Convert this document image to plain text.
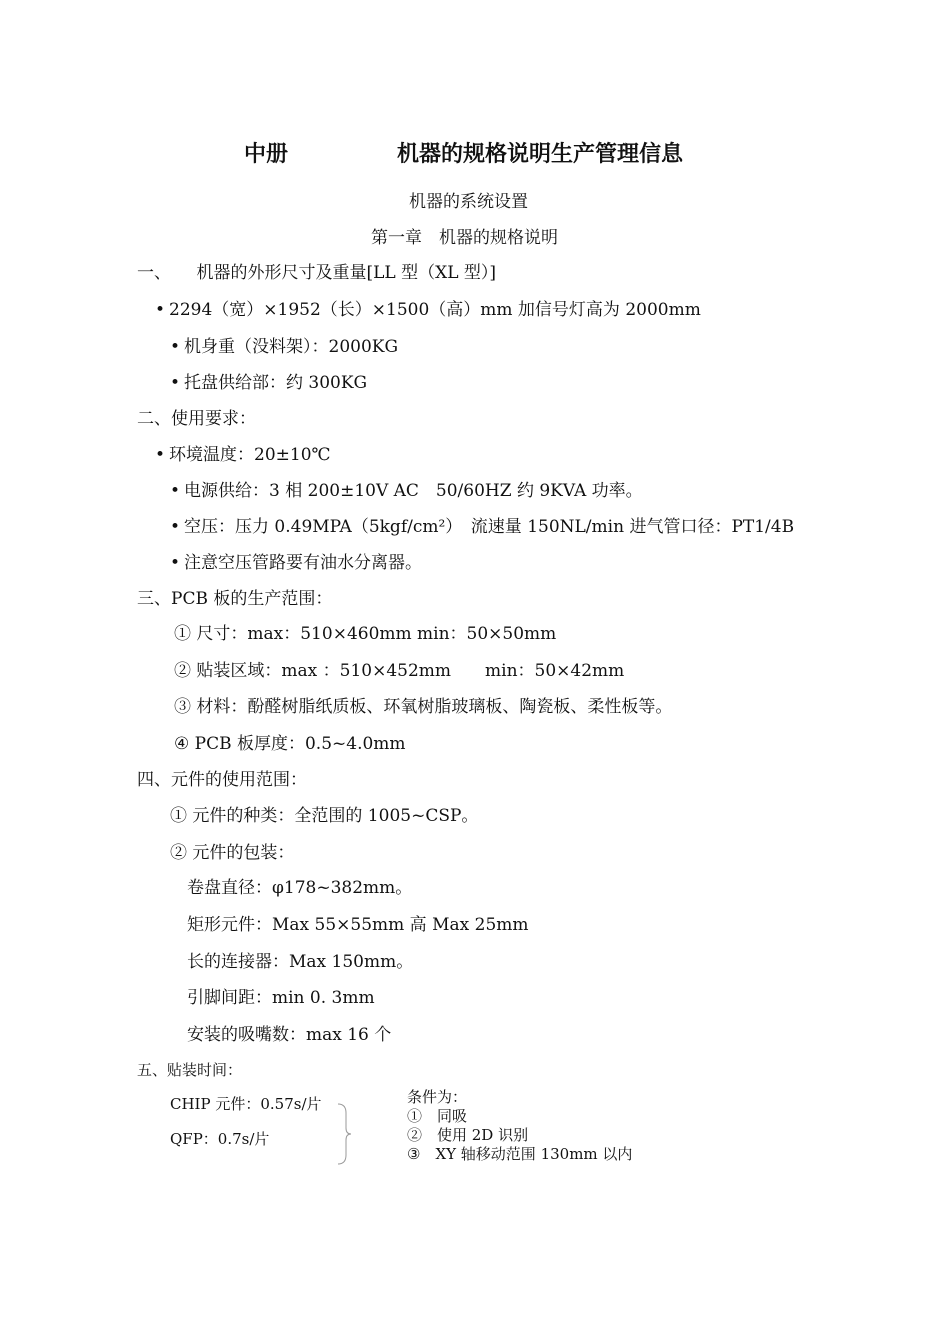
中册	机器的规格说明生产管理信息
机器的系统设置
第一章　机器的规格说明
一、　　机器的外形尺寸及重量[LL 型（XL 型）]
• 2294（宽）×1952（长）×1500（高）mm 加信号灯高为 2000mm
• 机身重（没料架）：2000KG
• 托盘供给部：约 300KG
二、使用要求：
• 环境温度：20±10℃
• 电源供给：3 相 200±10V AC　50/60HZ 约 9KVA 功率。
• 空压：压力 0.49MPA（5kgf/cm²）　流速量 150NL/min 进气管口径：PT1/4B
• 注意空压管路要有油水分离器。
三、PCB 板的生产范围：
① 尺寸：max：510×460mm min：50×50mm
② 贴装区域：max ：510×452mm　　min：50×42mm
③ 材料：酚醛树脂纸质板、环氧树脂玻璃板、陶瓷板、柔性板等。
④ PCB 板厚度：0.5~4.0mm
四、元件的使用范围：
① 元件的种类：全范围的 1005~CSP。
② 元件的包装：
卷盘直径：φ178~382mm。
矩形元件：Max 55×55mm 高 Max 25mm
长的连接器：Max 150mm。
引脚间距：min 0. 3mm
安装的吸嘴数：max 16 个
五、贴装时间：
CHIP 元件：0.57s/片
QFP：0.7s/片
条件为：
①　同吸
②　使用 2D 识别
③　XY 轴移动范围 130mm 以内
